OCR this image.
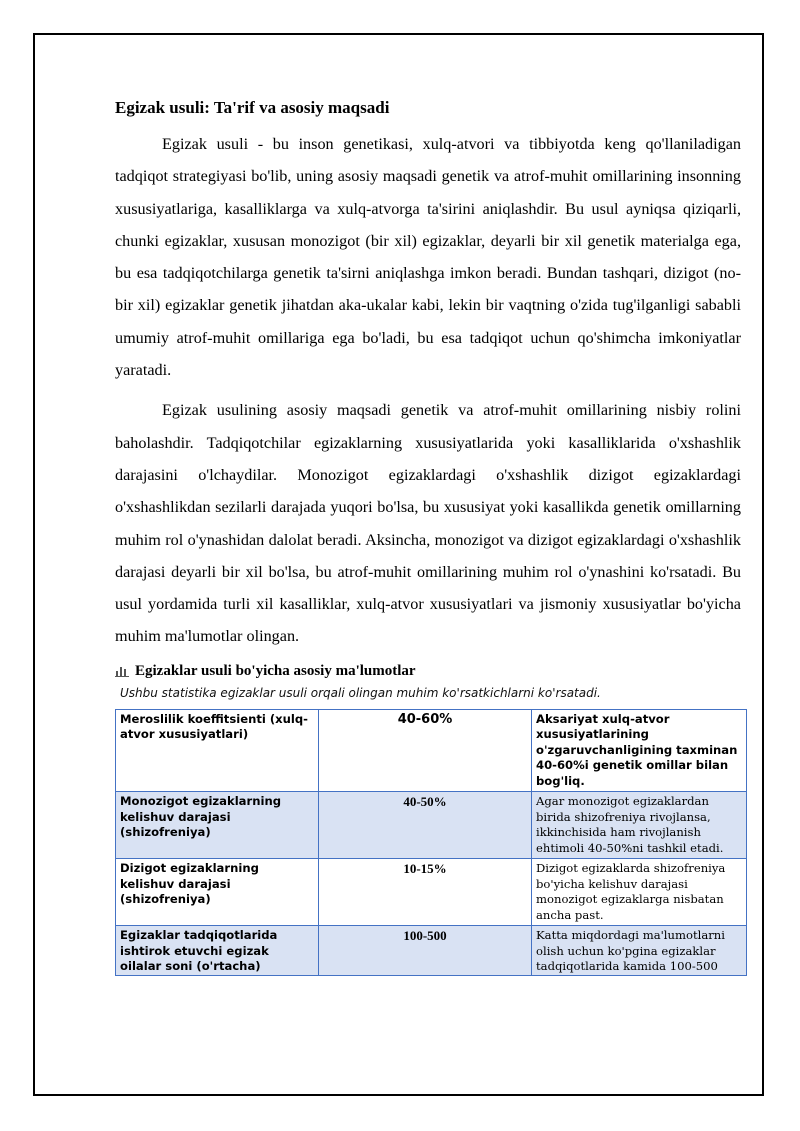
Egizak usuli: Ta'rif va asosiy maqsadi

Egizak usuli - bu inson genetikasi, xulq-atvori va tibbiyotda keng qo'llaniladigan tadqiqot strategiyasi bo'lib, uning asosiy maqsadi genetik va atrof-muhit omillarining insonning xususiyatlariga, kasalliklarga va xulq-atvorga ta'sirini aniqlashdir. Bu usul ayniqsa qiziqarli, chunki egizaklar, xususan monozigot (bir xil) egizaklar, deyarli bir xil genetik materialga ega, bu esa tadqiqotchilarga genetik ta'sirni aniqlashga imkon beradi. Bundan tashqari, dizigot (no-bir xil) egizaklar genetik jihatdan aka-ukalar kabi, lekin bir vaqtning o'zida tug'ilganligi sababli umumiy atrof-muhit omillariga ega bo'ladi, bu esa tadqiqot uchun qo'shimcha imkoniyatlar yaratadi.

Egizak usulining asosiy maqsadi genetik va atrof-muhit omillarining nisbiy rolini baholashdir. Tadqiqotchilar egizaklarning xususiyatlarida yoki kasalliklarida o'xshashlik darajasini o'lchaydilar. Monozigot egizaklardagi o'xshashlik dizigot egizaklardagi o'xshashlikdan sezilarli darajada yuqori bo'lsa, bu xususiyat yoki kasallikda genetik omillarning muhim rol o'ynashidan dalolat beradi. Aksincha, monozigot va dizigot egizaklardagi o'xshashlik darajasi deyarli bir xil bo'lsa, bu atrof-muhit omillarining muhim rol o'ynashini ko'rsatadi. Bu usul yordamida turli xil kasalliklar, xulq-atvor xususiyatlari va jismoniy xususiyatlar bo'yicha muhim ma'lumotlar olingan.

Egizaklar usuli bo'yicha asosiy ma'lumotlar
Ushbu statistika egizaklar usuli orqali olingan muhim ko'rsatkichlarni ko'rsatadi.
Meroslilik koeffitsienti (xulq-atvor xususiyatlari)	40-60%	Aksariyat xulq-atvor xususiyatlarining o'zgaruvchanligining taxminan 40-60%i genetik omillar bilan bog'liq.
Monozigot egizaklarning kelishuv darajasi (shizofreniya)	40-50%	Agar monozigot egizaklardan birida shizofreniya rivojlansa, ikkinchisida ham rivojlanish ehtimoli 40-50%ni tashkil etadi.
Dizigot egizaklarning kelishuv darajasi (shizofreniya)	10-15%	Dizigot egizaklarda shizofreniya bo'yicha kelishuv darajasi monozigot egizaklarga nisbatan ancha past.

Egizaklar tadqiqotlarida ishtirok etuvchi egizak oilalar soni (o'rtacha)	100-500	Katta miqdordagi ma'lumotlarni olish uchun ko'pgina egizaklar tadqiqotlarida kamida 100-500
